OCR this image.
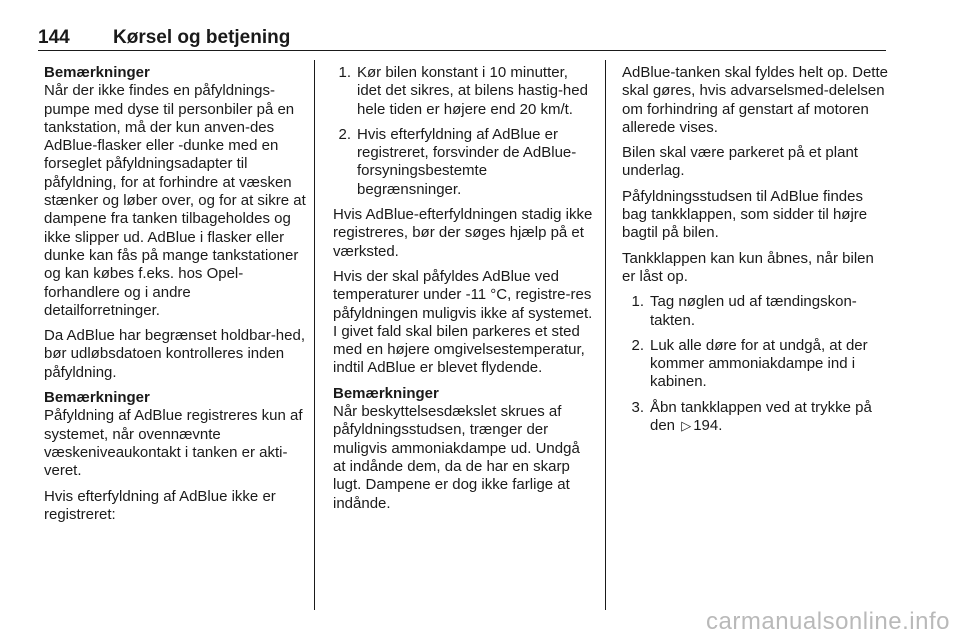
144	Kørsel og betjening
Bemærkninger
Når der ikke findes en påfyldnings-pumpe med dyse til personbiler på en tankstation, må der kun anven-des AdBlue-flasker eller -dunke med en forseglet påfyldningsadapter til påfyldning, for at forhindre at væsken stænker og løber over, og for at sikre at dampene fra tanken tilbageholdes og ikke slipper ud. AdBlue i flasker eller dunke kan fås på mange tankstationer og kan købes f.eks. hos Opel-forhandlere og i andre detailforretninger.
Da AdBlue har begrænset holdbar-hed, bør udløbsdatoen kontrolleres inden påfyldning.
Bemærkninger
Påfyldning af AdBlue registreres kun af systemet, når ovennævnte væskeniveaukontakt i tanken er akti-veret.
Hvis efterfyldning af AdBlue ikke er registreret:
1. Kør bilen konstant i 10 minutter, idet det sikres, at bilens hastig-hed hele tiden er højere end 20 km/t.
2. Hvis efterfyldning af AdBlue er registreret, forsvinder de AdBlue-forsyningsbestemte begrænsninger.
Hvis AdBlue-efterfyldningen stadig ikke registreres, bør der søges hjælp på et værksted.
Hvis der skal påfyldes AdBlue ved temperaturer under -11 °C, registre-res påfyldningen muligvis ikke af systemet. I givet fald skal bilen parkeres et sted med en højere omgivelsestemperatur, indtil AdBlue er blevet flydende.
Bemærkninger
Når beskyttelsesdækslet skrues af påfyldningsstudsen, trænger der muligvis ammoniakdampe ud. Undgå at indånde dem, da de har en skarp lugt. Dampene er dog ikke farlige at indånde.
AdBlue-tanken skal fyldes helt op. Dette skal gøres, hvis advarselsmed-delelsen om forhindring af genstart af motoren allerede vises.
Bilen skal være parkeret på et plant underlag.
Påfyldningsstudsen til AdBlue findes bag tankklappen, som sidder til højre bagtil på bilen.
Tankklappen kan kun åbnes, når bilen er låst op.
1. Tag nøglen ud af tændingskon-takten.
2. Luk alle døre for at undgå, at der kommer ammoniakdampe ind i kabinen.
3. Åbn tankklappen ved at trykke på den ▷ 194.
carmanualsonline.info
